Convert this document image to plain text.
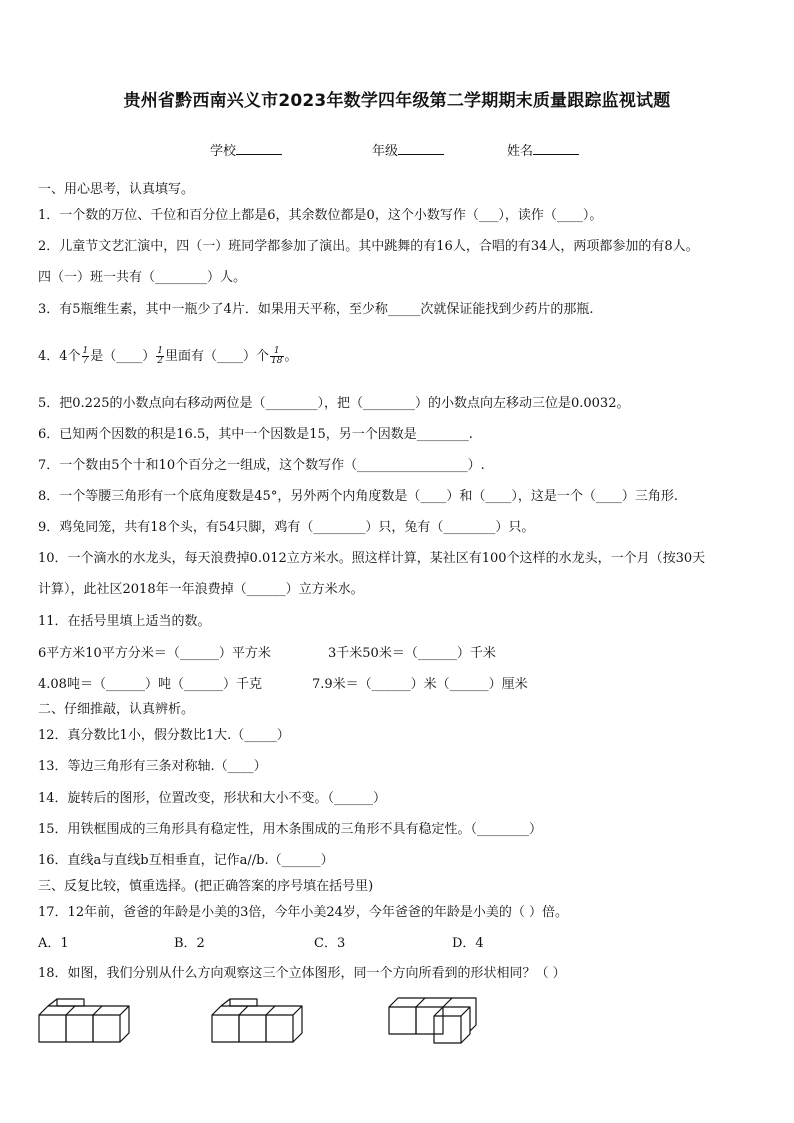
贵州省黔西南兴义市2023年数学四年级第二学期期末质量跟踪监视试题
学校	年级	姓名
一、用心思考，认真填写。
1．一个数的万位、千位和百分位上都是6，其余数位都是0，这个小数写作（___），读作（____）。
2．儿童节文艺汇演中，四（一）班同学都参加了演出。其中跳舞的有16人，合唱的有34人，两项都参加的有8人。
四（一）班一共有（________）人。
3．有5瓶维生素，其中一瓶少了4片．如果用天平称，至少称_____次就保证能找到少药片的那瓶.
4．4个 $\frac{1}{7}$ 是（____） $\frac{1}{2}$ 里面有（____）个 $\frac{1}{18}$ 。
5．把0.225的小数点向右移动两位是（________），把（________）的小数点向左移动三位是0.0032。
6．已知两个因数的积是16.5，其中一个因数是15，另一个因数是________.
7．一个数由5个十和10个百分之一组成，这个数写作（_________________）.
8．一个等腰三角形有一个底角度数是45°，另外两个内角度数是（____）和（____），这是一个（____）三角形.
9．鸡兔同笼，共有18个头，有54只脚，鸡有（________）只，兔有（________）只。
10．一个滴水的水龙头，每天浪费掉0.012立方米水。照这样计算，某社区有100个这样的水龙头，一个月（按30天
计算），此社区2018年一年浪费掉（______）立方米水。
11．在括号里填上适当的数。
6平方米10平方分米＝（______）平方米	3千米50米＝（______）千米
4.08吨＝（______）吨（______）千克	7.9米＝（______）米（______）厘米
二、仔细推敲，认真辨析。
12．真分数比1小，假分数比1大.（_____）
13．等边三角形有三条对称轴.（____）
14．旋转后的图形，位置改变，形状和大小不变。（______）
15．用铁框围成的三角形具有稳定性，用木条围成的三角形不具有稳定性。（________）
16．直线a与直线b互相垂直，记作a//b.（______）
三、反复比较，慎重选择。(把正确答案的序号填在括号里)
17．12年前，爸爸的年龄是小美的3倍，今年小美24岁，今年爸爸的年龄是小美的（ ）倍。
A．1	B．2	C．3	D．4
18．如图，我们分别从什么方向观察这三个立体图形，同一个方向所看到的形状相同？（ ）
